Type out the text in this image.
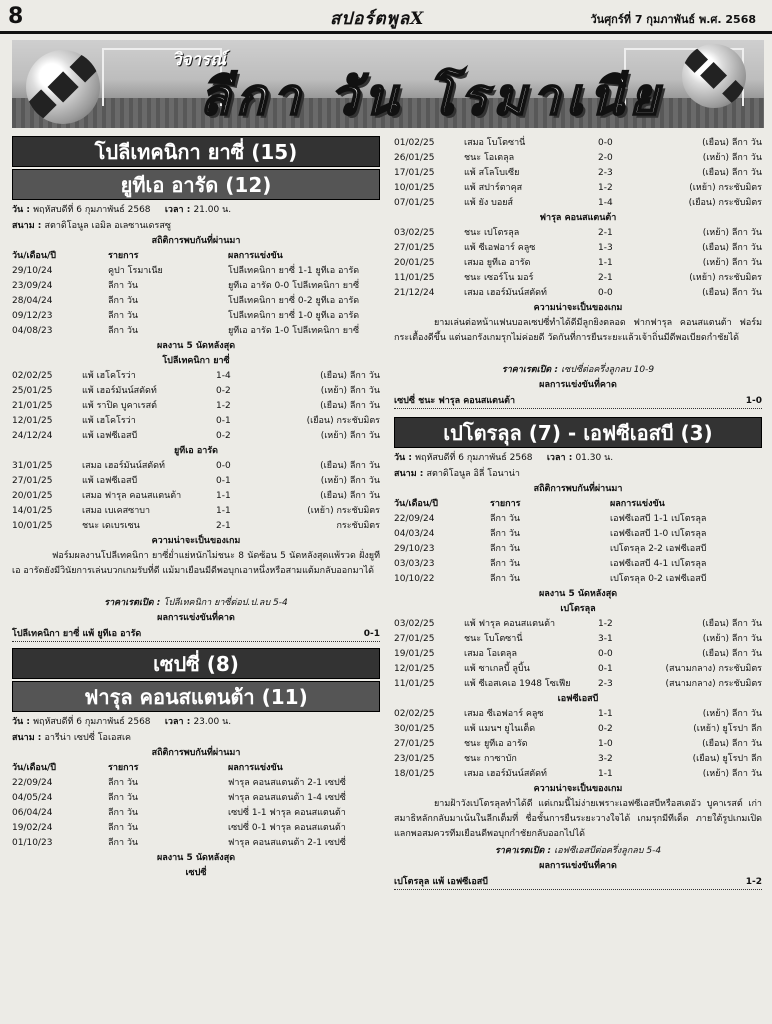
8	สปอร์ตพูลX	วันศุกร์ที่ 7 กุมภาพันธ์ พ.ศ. 2568
วิจารณ์
ลีกา วัน โรมาเนีย
โปลีเทคนิกา ยาซี่ (15)
ยูทีเอ อารัด (12)
วัน : พฤหัสบดีที่ 6 กุมภาพันธ์ 2568 เวลา : 21.00 น.
สนาม : สตาดิโอนูล เอมิล อเลซานเดรสซู
สถิติการพบกันที่ผ่านมา
วัน/เดือน/ปี	รายการ	ผลการแข่งขัน
29/10/24	คูปา โรมาเนีย	โปลีเทคนิกา ยาซี่ 1-1 ยูทีเอ อารัด
23/09/24	ลีกา วัน	ยูทีเอ อารัด 0-0 โปลีเทคนิกา ยาซี่
28/04/24	ลีกา วัน	โปลีเทคนิกา ยาซี่ 0-2 ยูทีเอ อารัด
09/12/23	ลีกา วัน	โปลีเทคนิกา ยาซี่ 1-0 ยูทีเอ อารัด
04/08/23	ลีกา วัน	ยูทีเอ อารัด 1-0 โปลีเทคนิกา ยาซี่
ผลงาน 5 นัดหลังสุด
โปลีเทคนิกา ยาซี่
02/02/25	แพ้ เฮโคโรว่า	1-4	(เยือน) ลีกา วัน
25/01/25	แพ้ เฮอร์มันน์สตัดท์	0-2	(เหย้า) ลีกา วัน
21/01/25	แพ้ ราปิด บูคาเรสต์	1-2	(เยือน) ลีกา วัน
12/01/25	แพ้ เฮโคโรว่า	0-1	(เยือน) กระชับมิตร
24/12/24	แพ้ เอฟซีเอสบี	0-2	(เหย้า) ลีกา วัน
ยูทีเอ อารัด
31/01/25	เสมอ เฮอร์มันน์สตัดท์	0-0	(เยือน) ลีกา วัน
27/01/25	แพ้ เอฟซีเอสบี	0-1	(เหย้า) ลีกา วัน
20/01/25	เสมอ ฟารุล คอนสแตนต้า	1-1	(เยือน) ลีกา วัน
14/01/25	เสมอ เบเคสซาบา	1-1	(เหย้า) กระชับมิตร
10/01/25	ชนะ เดเบรเซน	2-1	กระชับมิตร
ความน่าจะเป็นของเกม
ฟอร์มผลงานโปลีเทคนิกา ยาซี่ย่ำแย่หนักไม่ชนะ 8 นัดซ้อน 5 นัดหลังสุดแพ้รวด ฝั่งยูทีเอ อารัดยังมีวินัยการเล่นบวกเกมรับที่ดี แม้มาเยือนมีดีพอบุกเอาหนึ่งหรือสามแต้มกลับออกมาได้
ราคาเรตเปิด : โปลีเทคนิกา ยาซี่ต่อป.ป.ลบ 5-4
ผลการแข่งขันที่คาด
โปลีเทคนิกา ยาซี่ แพ้ ยูทีเอ อารัด	0-1
เซปซี่ (8)
ฟารุล คอนสแตนต้า (11)
วัน : พฤหัสบดีที่ 6 กุมภาพันธ์ 2568 เวลา : 23.00 น.
สนาม : อารีน่า เซปซี่ โอเอสเค
สถิติการพบกันที่ผ่านมา
วัน/เดือน/ปี	รายการ	ผลการแข่งขัน
22/09/24	ลีกา วัน	ฟารุล คอนสแตนต้า 2-1 เซปซี่
04/05/24	ลีกา วัน	ฟารุล คอนสแตนต้า 1-4 เซปซี่
06/04/24	ลีกา วัน	เซปซี่ 1-1 ฟารุล คอนสแตนต้า
19/02/24	ลีกา วัน	เซปซี่ 0-1 ฟารุล คอนสแตนต้า
01/10/23	ลีกา วัน	ฟารุล คอนสแตนต้า 2-1 เซปซี่
ผลงาน 5 นัดหลังสุด
เซปซี่
01/02/25	เสมอ โบโตซานี่	0-0	(เยือน) ลีกา วัน
26/01/25	ชนะ โอเตลุล	2-0	(เหย้า) ลีกา วัน
17/01/25	แพ้ สโลโบเซีย	2-3	(เยือน) ลีกา วัน
10/01/25	แพ้ สปาร์ตาคุส	1-2	(เหย้า) กระชับมิตร
07/01/25	แพ้ ยัง บอยส์	1-4	(เยือน) กระชับมิตร
ฟารุล คอนสแตนต้า
03/02/25	ชนะ เปโตรลุล	2-1	(เหย้า) ลีกา วัน
27/01/25	แพ้ ซีเอฟอาร์ คลูซ	1-3	(เยือน) ลีกา วัน
20/01/25	เสมอ ยูทีเอ อารัด	1-1	(เหย้า) ลีกา วัน
11/01/25	ชนะ เซอร์โน มอร์	2-1	(เหย้า) กระชับมิตร
21/12/24	เสมอ เฮอร์มันน์สตัดท์	0-0	(เยือน) ลีกา วัน
ความน่าจะเป็นของเกม
ยามเล่นต่อหน้าแฟนบอลเซปซี่ทำได้ดีมีลูกยิงตลอด ฟากฟารุล คอนสแตนต้า ฟอร์มกระเตื้องดีขึ้น แต่นอกรังเกมรุกไม่ค่อยดี วัดกันที่การยืนระยะแล้วเจ้าถิ่นมีดีพอเบียดกำชัยได้
ราคาเรตเปิด : เซปซี่ต่อครึ่งลูกลบ 10-9
ผลการแข่งขันที่คาด
เซปซี่ ชนะ ฟารุล คอนสแตนต้า	1-0
เปโตรลุล (7) - เอฟซีเอสบี (3)
วัน : พฤหัสบดีที่ 6 กุมภาพันธ์ 2568 เวลา : 01.30 น.
สนาม : สตาดิโอนูล อิลี่ โอนาน่า
สถิติการพบกันที่ผ่านมา
วัน/เดือน/ปี	รายการ	ผลการแข่งขัน
22/09/24	ลีกา วัน	เอฟซีเอสบี 1-1 เปโตรลุล
04/03/24	ลีกา วัน	เอฟซีเอสบี 1-0 เปโตรลุล
29/10/23	ลีกา วัน	เปโตรลุล 2-2 เอฟซีเอสบี
03/03/23	ลีกา วัน	เอฟซีเอสบี 4-1 เปโตรลุล
10/10/22	ลีกา วัน	เปโตรลุล 0-2 เอฟซีเอสบี
ผลงาน 5 นัดหลังสุด
เปโตรลุล
03/02/25	แพ้ ฟารุล คอนสแตนต้า	1-2	(เยือน) ลีกา วัน
27/01/25	ชนะ โบโตซานี่	3-1	(เหย้า) ลีกา วัน
19/01/25	เสมอ โอเตลุล	0-0	(เยือน) ลีกา วัน
12/01/25	แพ้ ซาเกลบี้ ลูบิ้น	0-1	(สนามกลาง) กระชับมิตร
11/01/25	แพ้ ซีเอสเคเอ 1948 โซเฟีย	2-3	(สนามกลาง) กระชับมิตร
เอฟซีเอสบี
02/02/25	เสมอ ซีเอฟอาร์ คลูซ	1-1	(เหย้า) ลีกา วัน
30/01/25	แพ้ แมนฯ ยูไนเต็ด	0-2	(เหย้า) ยูโรปา ลีก
27/01/25	ชนะ ยูทีเอ อารัด	1-0	(เยือน) ลีกา วัน
23/01/25	ชนะ กาซาบัก	3-2	(เยือน) ยูโรปา ลีก
18/01/25	เสมอ เฮอร์มันน์สตัดท์	1-1	(เหย้า) ลีกา วัน
ความน่าจะเป็นของเกม
ยามฝ้าวังเปโตรลุลทำได้ดี แต่เกมนี้ไม่ง่ายเพราะเอฟซีเอสบีหรือสเตอัว บูคาเรสต์ เก่า สมาธิหลักกลับมาเน้นในลีกเต็มที่ ชื่อชั้นการยืนระยะวางใจได้ เกมรุกมีทีเด็ด ภายใต้รูปเกมเปิดแลกพอสมควรทีมเยือนดีพอบุกกำชัยกลับออกไปได้
ราคาเรตเปิด : เอฟซีเอสบีต่อครึ่งลูกลบ 5-4
ผลการแข่งขันที่คาด
เปโตรลุล แพ้ เอฟซีเอสบี	1-2
